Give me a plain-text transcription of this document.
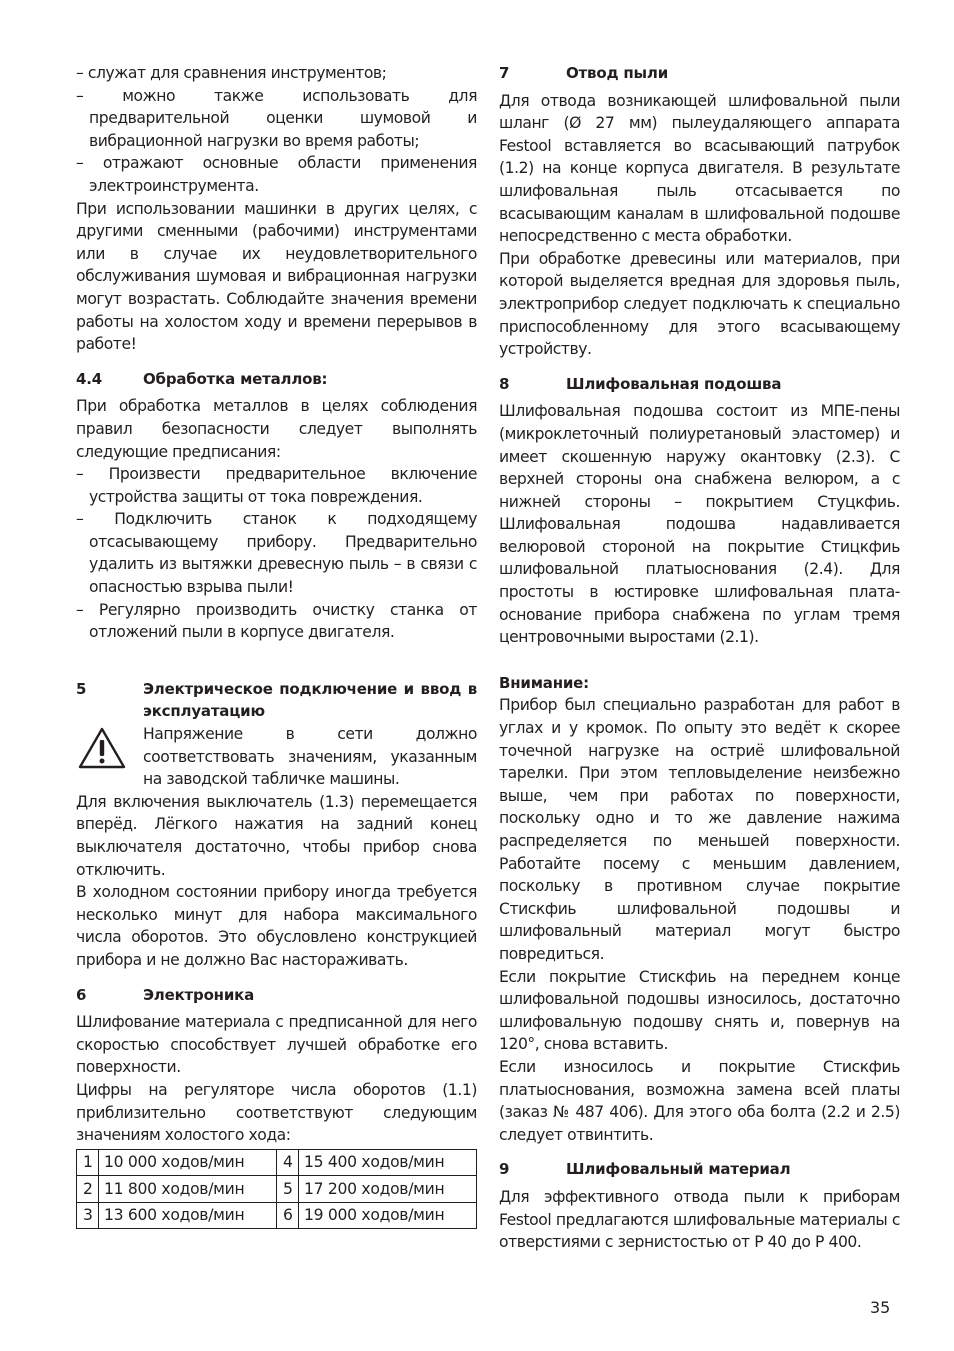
– служат для сравнения инструментов;

– можно также использовать для предварительной оценки шумовой и вибрационной нагрузки во время работы;

– отражают основные области применения электроинструмента.

При использовании машинки в других целях, с другими сменными (рабочими) инструментами или в случае их неудовлетворительного обслуживания шумовая и вибрационная нагрузки могут возрастать. Соблюдайте значения времени работы на холостом ходу и времени перерывов в работе!

4.4	Обработка металлов:

При обработка металлов в целях соблюдения правил безопасности следует выполнять следующие предписания:

– Произвести предварительное включение устройства защиты от тока повреждения.

– Подключить станок к подходящему отсасывающему прибору. Предварительно удалить из вытяжки древесную пыль – в связи с опасностью взрыва пыли!

– Регулярно производить очистку станка от отложений пыли в корпусе двигателя.

5	Электрическое подключение и ввод в эксплуатацию

Напряжение в сети должно соответствовать значениям, указанным на заводской табличке машины.

Для включения выключатель (1.3) перемещается вперёд. Лёгкого нажатия на задний конец выключателя достаточно, чтобы прибор снова отключить.

В холодном состоянии прибору иногда требуется несколько минут для набора максимального числа оборотов. Это обусловлено конструкцией прибора и не должно Вас настораживать.

6	Электроника

Шлифование материала с предписанной для него скоростью способствует лучшей обработке его поверхности.

Цифры на регуляторе числа оборотов (1.1) приблизительно соответствуют следующим значениям холостого хода:

1	10 000 ходов/мин	4	15 400 ходов/мин
2	11 800 ходов/мин	5	17 200 ходов/мин
3	13 600 ходов/мин	6	19 000 ходов/мин
7	Отвод пыли

Для отвода возникающей шлифовальной пыли шланг (Ø 27 мм) пылеудаляющего аппарата Festool вставляется во всасывающий патрубок (1.2) на конце корпуса двигателя. В результате шлифовальная пыль отсасывается по всасывающим каналам в шлифовальной подошве непосредственно с места обработки.

При обработке древесины или материалов, при которой выделяется вредная для здоровья пыль, электроприбор следует подключать к специально приспособленному для этого всасывающему устройству.

8	Шлифовальная подошва

Шлифовальная подошва состоит из МПЕ-пены (микроклеточный полиуретановый эластомер) и имеет скошенную наружу окантовку (2.3). С верхней стороны она снабжена велюром, а с нижней стороны – покрытием Стуцкфиь. Шлифовальная подошва надавливается велюровой стороной на покрытие Стицкфиь шлифовальной платыоснования (2.4). Для простоты в юстировке шлифовальная плата-основание прибора снабжена по углам тремя центровочными выростами (2.1).

Внимание:

Прибор был специально разработан для работ в углах и у кромок. По опыту это ведёт к скорее точечной нагрузке на остриё шлифовальной тарелки. При этом тепловыделение неизбежно выше, чем при работах по поверхности, поскольку одно и то же давление нажима распределяется по меньшей поверхности. Работайте посему с меньшим давлением, поскольку в противном случае покрытие Стискфиь шлифовальной подошвы и шлифовальный материал могут быстро повредиться.

Если покрытие Стискфиь на переднем конце шлифовальной подошвы износилось, достаточно шлифовальную подошву снять и, повернув на 120°, снова вставить.

Если износилось и покрытие Стискфиь платыоснования, возможна замена всей платы (заказ № 487 406). Для этого оба болта (2.2 и 2.5) следует отвинтить.

9	Шлифовальный материал

Для эффективного отвода пыли к приборам Festool предлагаются шлифовальные материалы с отверстиями с зернистостью от Р 40 до Р 400.

35
